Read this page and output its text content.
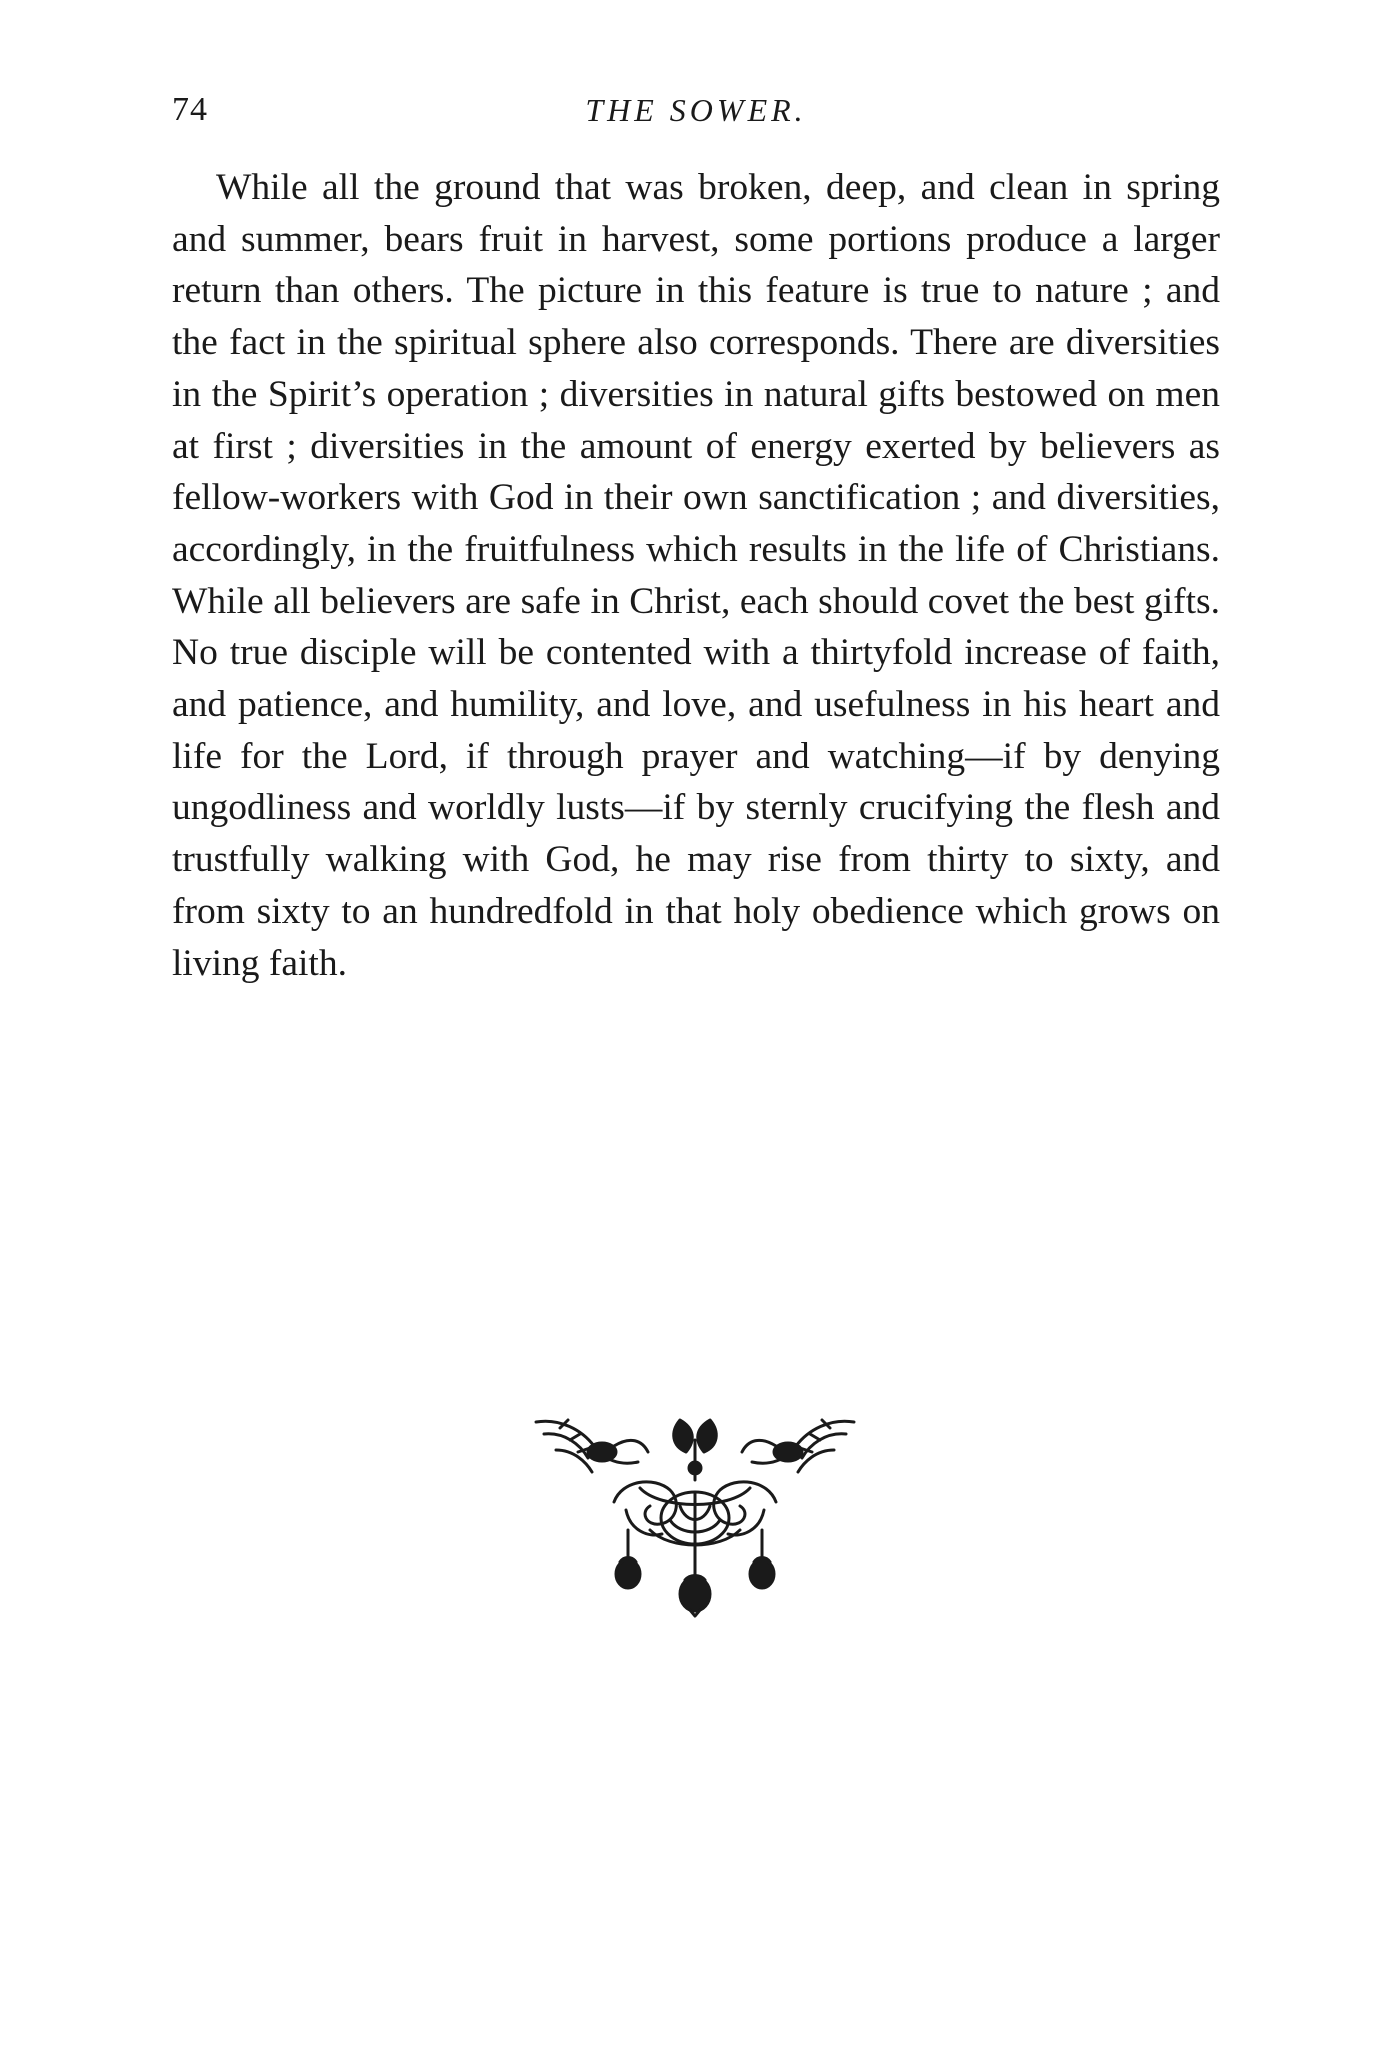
74	THE SOWER.

While all the ground that was broken, deep, and clean in spring and summer, bears fruit in harvest, some portions produce a larger return than others. The picture in this feature is true to nature ; and the fact in the spiritual sphere also corresponds. There are diversities in the Spirit’s operation ; diversities in natural gifts bestowed on men at first ; diversities in the amount of energy exerted by believers as fellow-workers with God in their own sanctification ; and diversities, accordingly, in the fruitfulness which results in the life of Christians. While all believers are safe in Christ, each should covet the best gifts. No true disciple will be contented with a thirtyfold increase of faith, and patience, and humility, and love, and usefulness in his heart and life for the Lord, if through prayer and watching—if by denying ungodliness and worldly lusts—if by sternly crucifying the flesh and trustfully walking with God, he may rise from thirty to sixty, and from sixty to an hundredfold in that holy obedience which grows on living faith.
